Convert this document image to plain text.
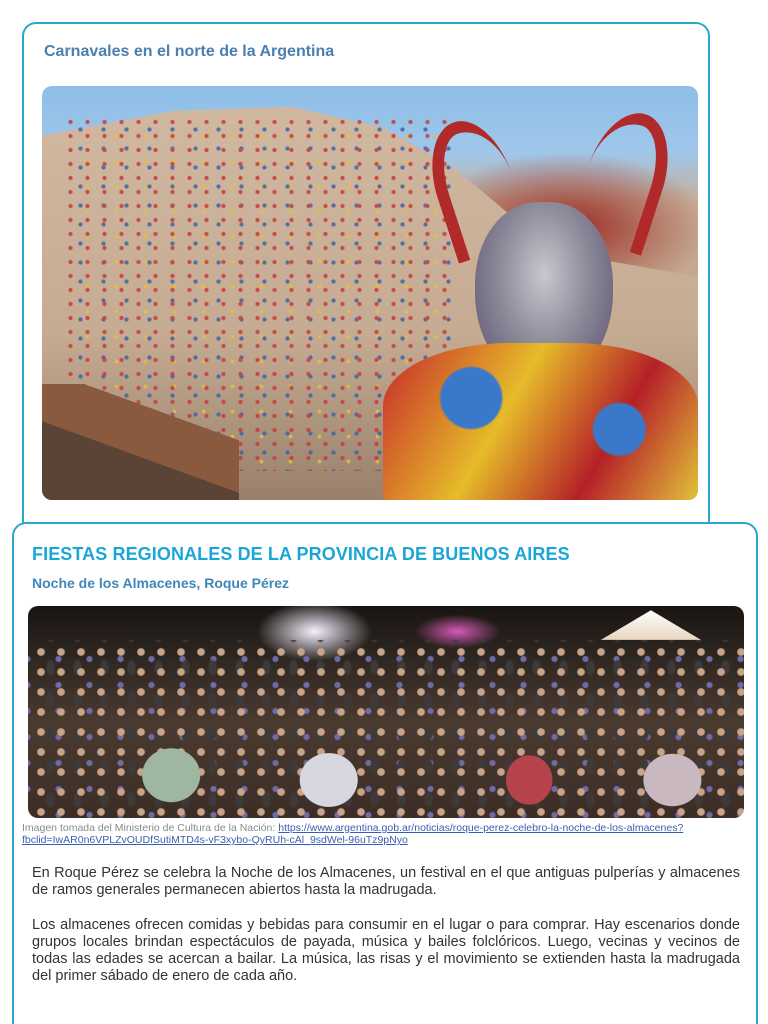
Carnavales en el norte de la Argentina
FIESTAS REGIONALES DE LA PROVINCIA DE BUENOS AIRES
Noche de los Almacenes, Roque Pérez
Imagen tomada del Ministerio de Cultura de la Nación: https://www.argentina.gob.ar/noticias/roque-perez-celebro-la-noche-de-los-almacenes?fbclid=IwAR0n6VPLZvOUDfSutiMTD4s-vF3xybo-QyRUh-cAl_9sdWel-96uTz9pNyo

En Roque Pérez se celebra la Noche de los Almacenes, un festival en el que antiguas pulperías y almacenes de ramos generales permanecen abiertos hasta la madrugada.

Los almacenes ofrecen comidas y bebidas para consumir en el lugar o para comprar. Hay escenarios donde grupos locales brindan espectáculos de payada, música y bailes folclóricos. Luego, vecinas y vecinos de todas las edades se acercan a bailar. La música, las risas y el movimiento se extienden hasta la madrugada del primer sábado de enero de cada año.
